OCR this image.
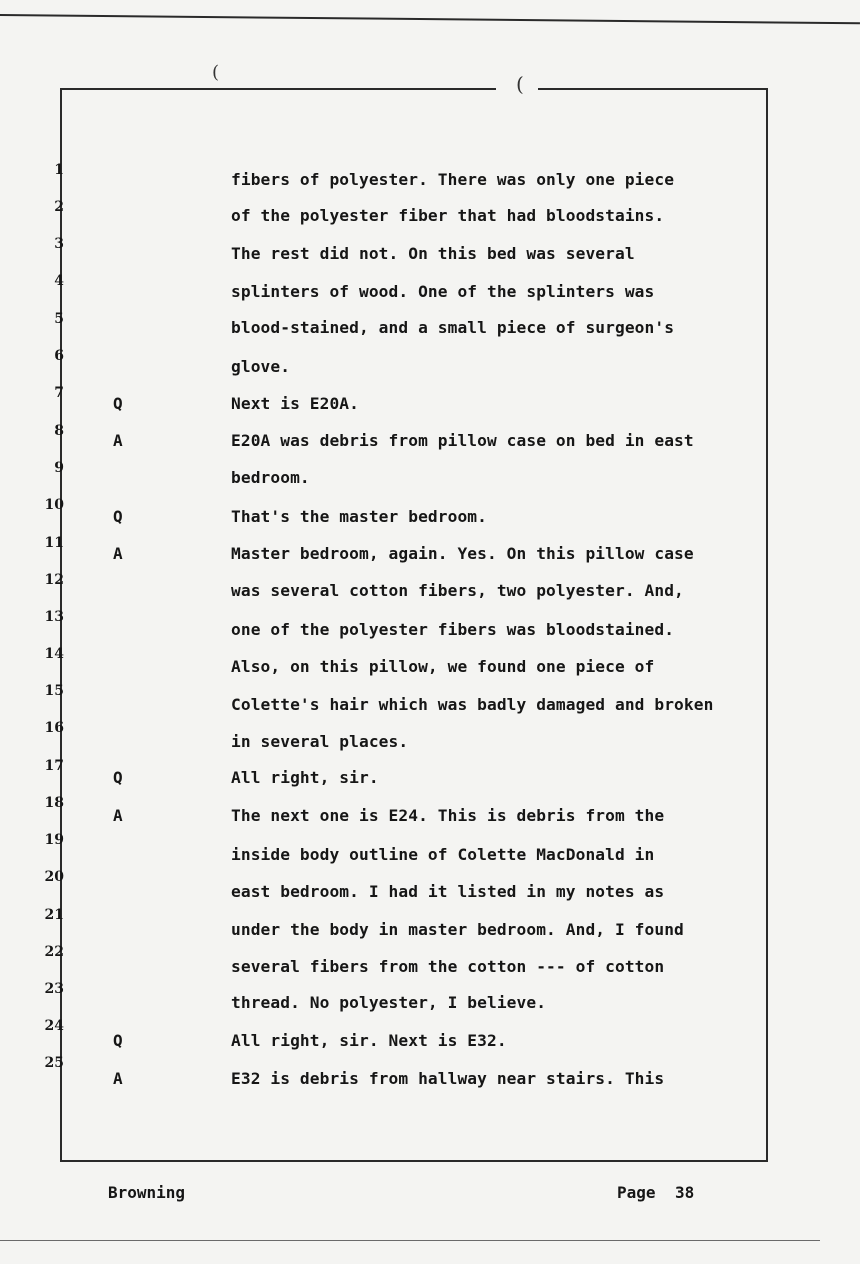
(	(
1	fibers of polyester. There was only one piece
2	of the polyester fiber that had bloodstains.
3	The rest did not. On this bed was several
4
splinters of wood. One of the splinters was
5	blood-stained, and a small piece of surgeon's
6
glove.
7
Q	Next is E20A.
8	A	E20A was debris from pillow case on bed in east
9	bedroom.
10
Q	That's the master bedroom.
11
A	Master bedroom, again. Yes. On this pillow case
12
was several cotton fibers, two polyester. And,
13
one of the polyester fibers was bloodstained.
14
Also, on this pillow, we found one piece of
15
Colette's hair which was badly damaged and broken
16
in several places.
17
Q	All right, sir.
18
A	The next one is E24. This is debris from the
19
inside body outline of Colette MacDonald in
20
east bedroom. I had it listed in my notes as
21
under the body in master bedroom. And, I found
22
several fibers from the cotton --- of cotton
23
thread. No polyester, I believe.
24
Q	All right, sir. Next is E32.
25
A	E32 is debris from hallway near stairs. This
Browning	Page 38
